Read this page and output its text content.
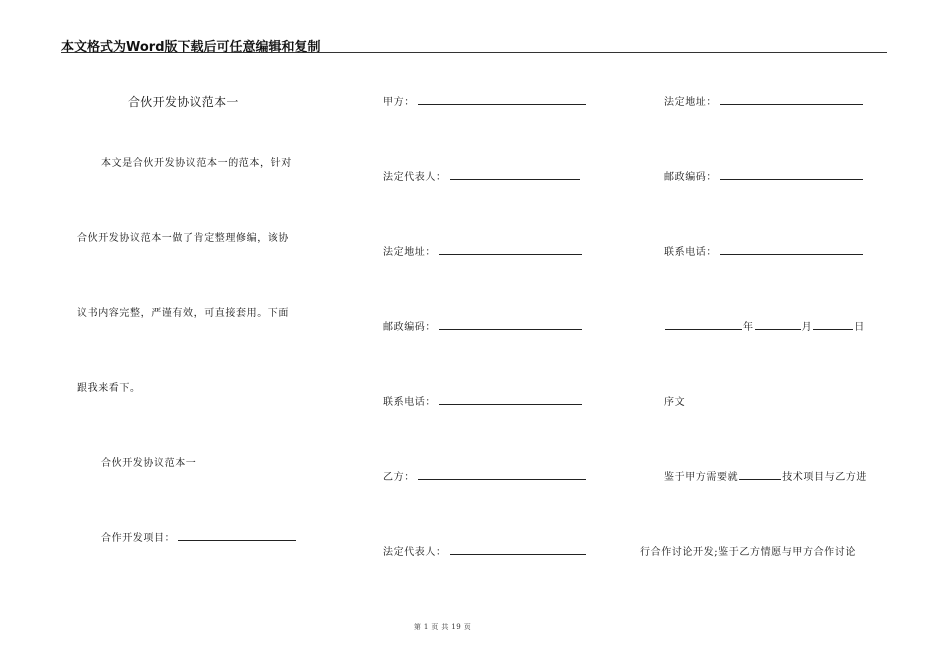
本文格式为Word版下载后可任意编辑和复制
合伙开发协议范本一
本文是合伙开发协议范本一的范本，针对
合伙开发协议范本一做了肯定整理修编，该协
议书内容完整，严谨有效，可直接套用。下面
跟我来看下。
合伙开发协议范本一
合作开发项目：
甲方：
法定代表人：
法定地址：
邮政编码：
联系电话：
乙方：
法定代表人：
法定地址：
邮政编码：
联系电话：
年	月	日
序文
鉴于甲方需要就	技术项目与乙方进
行合作讨论开发;鉴于乙方情愿与甲方合作讨论
第 1 页 共 19 页
